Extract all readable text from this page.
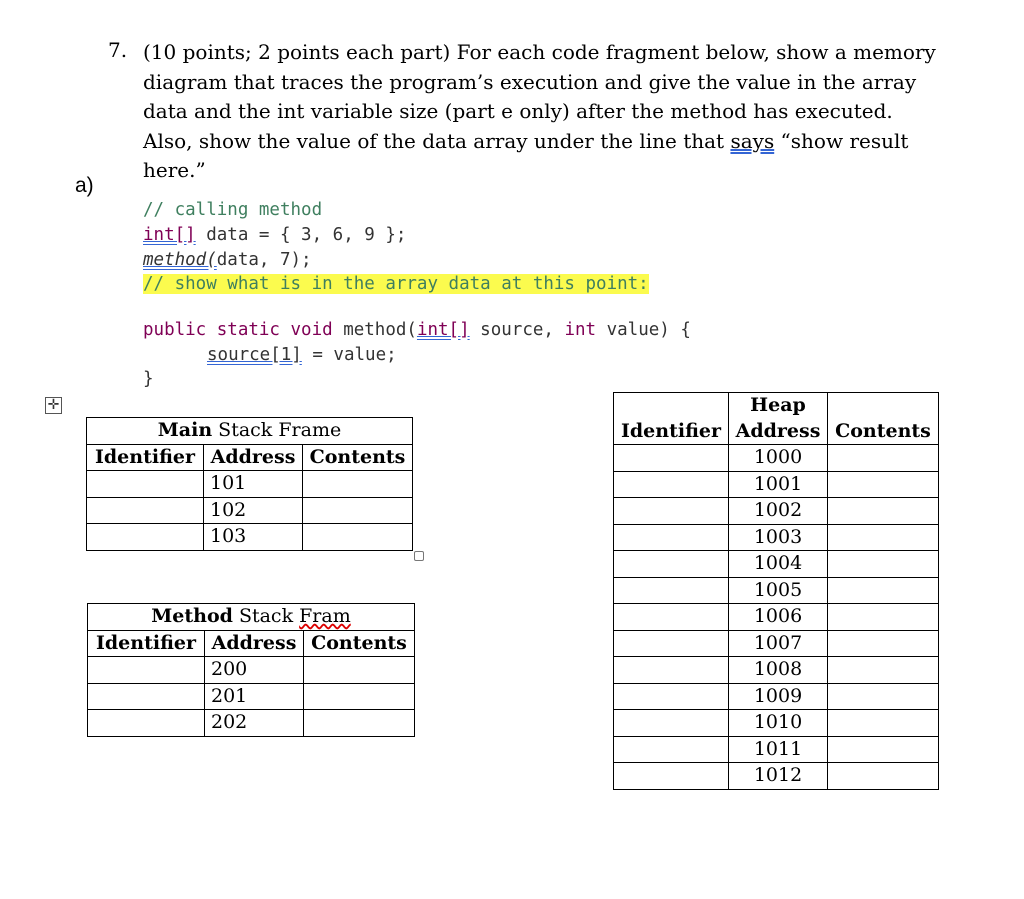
7. (10 points; 2 points each part) For each code fragment below, show a memory diagram that traces the program’s execution and give the value in the array data and the int variable size (part e only) after the method has executed. Also, show the value of the data array under the line that says “show result here.”
a)
// calling method
int[] data = { 3, 6, 9 };
method(data, 7);
// show what is in the array data at this point:
public static void method(int[] source, int value) {
source[1] = value;
}
✛
Main Stack Frame		
Identifier	Address	Contents
	101	
	102	
	103	
Method Stack Fram		
Identifier	Address	Contents
	200	
	201	
	202	
	Heap	
Identifier	Address	Contents
	1000	
	1001	
	1002	
	1003	
	1004	
	1005	
	1006	
	1007	
	1008	
	1009	
	1010	
	1011	
	1012	
